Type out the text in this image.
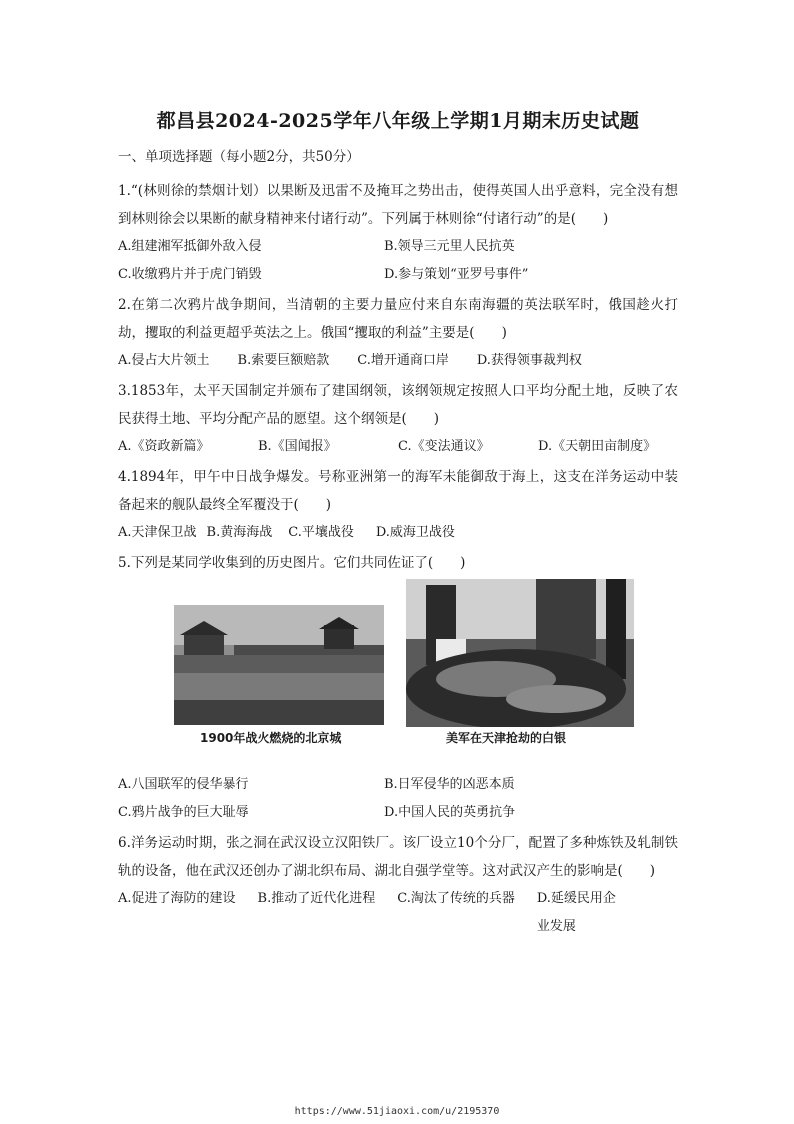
都昌县2024-2025学年八年级上学期1月期末历史试题
一、单项选择题（每小题2分，共50分）

1.“(林则徐的禁烟计划）以果断及迅雷不及掩耳之势出击，使得英国人出乎意料，完全没有想到林则徐会以果断的献身精神来付诸行动”。下列属于林则徐“付诸行动”的是(　　)

A.组建湘军抵御外敌入侵	B.领导三元里人民抗英
C.收缴鸦片并于虎门销毁	D.参与策划“亚罗号事件”

2.在第二次鸦片战争期间，当清朝的主要力量应付来自东南海疆的英法联军时，俄国趁火打劫，攫取的利益更超乎英法之上。俄国“攫取的利益”主要是(　　)

A.侵占大片领土 B.索要巨额赔款 C.增开通商口岸 D.获得领事裁判权

3.1853年，太平天国制定并颁布了建国纲领，该纲领规定按照人口平均分配土地，反映了农民获得土地、平均分配产品的愿望。这个纲领是(　　)

A.《资政新篇》	B.《国闻报》	C.《变法通议》	D.《天朝田亩制度》

4.1894年，甲午中日战争爆发。号称亚洲第一的海军未能御敌于海上，这支在洋务运动中装备起来的舰队最终全军覆没于(　　)

A.天津保卫战 B.黄海海战 C.平壤战役 D.威海卫战役

5.下列是某同学收集到的历史图片。它们共同佐证了(　　)

1900年战火燃烧的北京城	美军在天津抢劫的白银
A.八国联军的侵华暴行	B.日军侵华的凶恶本质
C.鸦片战争的巨大耻辱	D.中国人民的英勇抗争

6.洋务运动时期，张之洞在武汉设立汉阳铁厂。该厂设立10个分厂，配置了多种炼铁及轧制铁轨的设备，他在武汉还创办了湖北织布局、湖北自强学堂等。这对武汉产生的影响是(　　)

A.促进了海防的建设 B.推动了近代化进程 C.淘汰了传统的兵器 D.延缓民用企业发展
https://www.51jiaoxi.com/u/2195370
